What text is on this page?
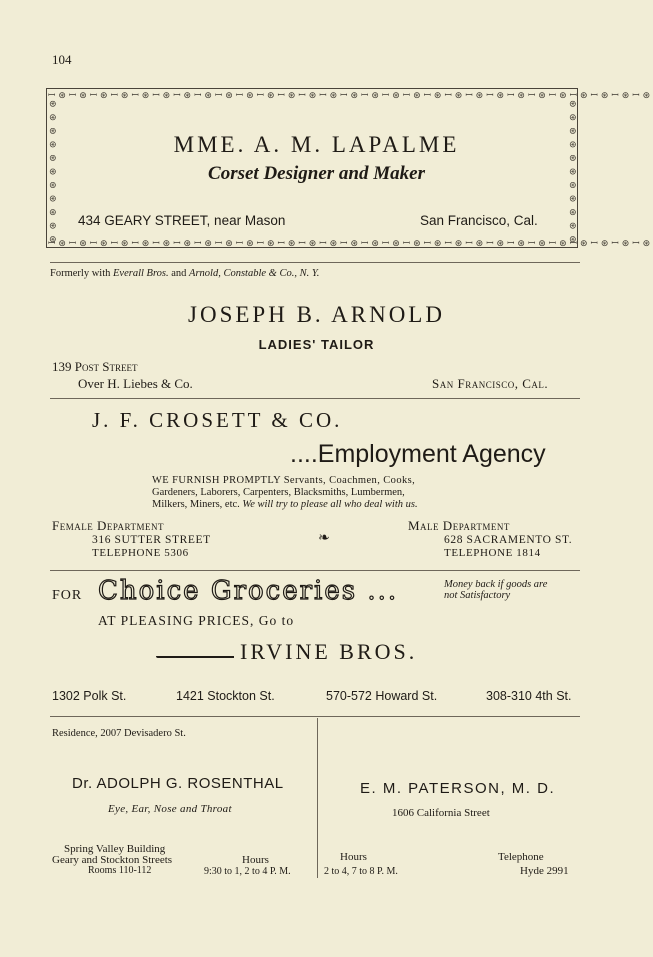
104
ꟷ⊛ꟷ⊛ꟷ⊛ꟷ⊛ꟷ⊛ꟷ⊛ꟷ⊛ꟷ⊛ꟷ⊛ꟷ⊛ꟷ⊛ꟷ⊛ꟷ⊛ꟷ⊛ꟷ⊛ꟷ⊛ꟷ⊛ꟷ⊛ꟷ⊛ꟷ⊛ꟷ⊛ꟷ⊛ꟷ⊛ꟷ⊛ꟷ⊛ꟷ⊛ꟷ⊛ꟷ⊛ꟷ⊛
ꟷ⊛ꟷ⊛ꟷ⊛ꟷ⊛ꟷ⊛ꟷ⊛ꟷ⊛ꟷ⊛ꟷ⊛ꟷ⊛ꟷ⊛ꟷ⊛ꟷ⊛ꟷ⊛ꟷ⊛ꟷ⊛ꟷ⊛ꟷ⊛ꟷ⊛ꟷ⊛ꟷ⊛ꟷ⊛ꟷ⊛ꟷ⊛ꟷ⊛ꟷ⊛ꟷ⊛ꟷ⊛ꟷ⊛
⊛⊛⊛⊛⊛⊛⊛⊛⊛⊛⊛	⊛⊛⊛⊛⊛⊛⊛⊛⊛⊛⊛
MME. A. M. LAPALME
Corset Designer and Maker
434 GEARY STREET, near Mason	San Francisco, Cal.
Formerly with Everall Bros. and Arnold, Constable & Co., N. Y.
JOSEPH B. ARNOLD
LADIES' TAILOR
139 Post Street
Over H. Liebes & Co.	San Francisco, Cal.
J. F. CROSETT & CO.
....Employment Agency
WE FURNISH PROMPTLY Servants, Coachmen, Cooks,
Gardeners, Laborers, Carpenters, Blacksmiths, Lumbermen,
Milkers, Miners, etc. We will try to please all who deal with us.
Female Department
316 SUTTER STREET
TELEPHONE 5306
❧
Male Department
628 SACRAMENTO ST.
TELEPHONE 1814
FOR Choice Groceries ...	Money back if goods are
not Satisfactory
AT PLEASING PRICES, Go to
IRVINE BROS.
1302 Polk St.	1421 Stockton St.	570-572 Howard St.	308-310 4th St.
Residence, 2007 Devisadero St.
Dr. ADOLPH G. ROSENTHAL
Eye, Ear, Nose and Throat
Spring Valley Building
Geary and Stockton Streets
Rooms 110-112
Hours
9:30 to 1, 2 to 4 P. M.
E. M. PATERSON, M. D.
1606 California Street
Hours
2 to 4, 7 to 8 P. M.
Telephone
Hyde 2991
